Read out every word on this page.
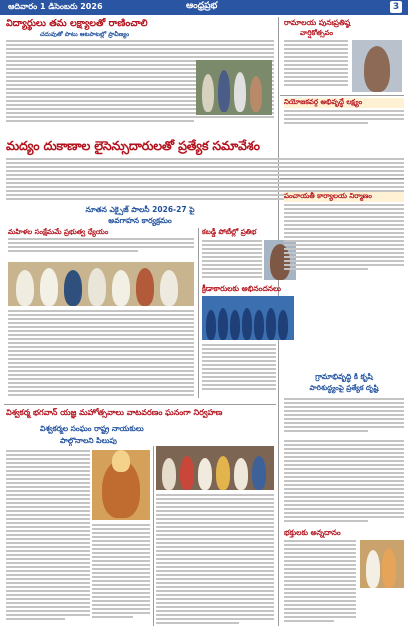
ఆదివారం 1 డిసెంబరు 2026	ఆంధ్రప్రభ	3
విద్యార్థులు తమ లక్ష్యాలతో రాణించాలి
చదువుతో పాటు ఆటపాటల్లో ప్రావీణ్యం
రామాలయ పునఃప్రతిష్ఠ
వార్షికోత్సవం
నియోజకవర్గ అభివృద్ధే లక్ష్యం
మద్యం దుకాణాల లైసెన్సుదారులతో ప్రత్యేక సమావేశం
నూతన ఎక్సైజ్ పాలసీ 2026-27 పై
అవగాహన కార్యక్రమం
మహిళల సంక్షేమమే ప్రభుత్వ ధ్యేయం	కబడ్డీ పోటీల్లో ప్రతిభ
క్రీడాకారులకు అభినందనలు
పంచాయతీ కార్యాలయ నిర్మాణం
గ్రామాభివృద్ధి కి కృషి
పారిశుద్ధ్యంపై ప్రత్యేక దృష్టి
విశ్వకర్మ భగవాన్ యజ్ఞ మహోత్సవాలు వాటవరణం ఘనంగా నిర్వహణ
విశ్వకర్మల సంఘం రాష్ట్ర నాయకులు
పాల్గొనాలని పిలుపు
భక్తులకు అన్నదానం
